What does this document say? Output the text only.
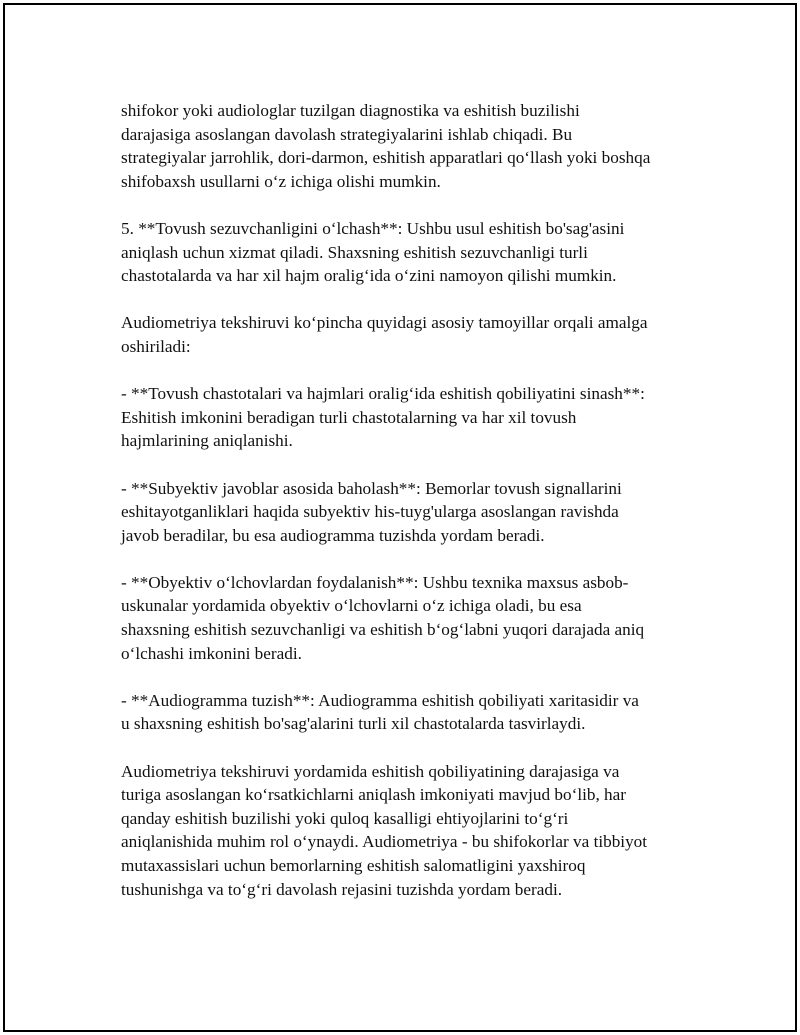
shifokor yoki audiologlar tuzilgan diagnostika va eshitish buzilishi
darajasiga asoslangan davolash strategiyalarini ishlab chiqadi. Bu
strategiyalar jarrohlik, dori-darmon, eshitish apparatlari qo‘llash yoki boshqa
shifobaxsh usullarni o‘z ichiga olishi mumkin.

5. **Tovush sezuvchanligini o‘lchash**: Ushbu usul eshitish bo'sag'asini
aniqlash uchun xizmat qiladi. Shaxsning eshitish sezuvchanligi turli
chastotalarda va har xil hajm oralig‘ida o‘zini namoyon qilishi mumkin.

Audiometriya tekshiruvi ko‘pincha quyidagi asosiy tamoyillar orqali amalga
oshiriladi:

- **Tovush chastotalari va hajmlari oralig‘ida eshitish qobiliyatini sinash**:
Eshitish imkonini beradigan turli chastotalarning va har xil tovush
hajmlarining aniqlanishi.

- **Subyektiv javoblar asosida baholash**: Bemorlar tovush signallarini
eshitayotganliklari haqida subyektiv his-tuyg'ularga asoslangan ravishda
javob beradilar, bu esa audiogramma tuzishda yordam beradi.

- **Obyektiv o‘lchovlardan foydalanish**: Ushbu texnika maxsus asbob-
uskunalar yordamida obyektiv o‘lchovlarni o‘z ichiga oladi, bu esa
shaxsning eshitish sezuvchanligi va eshitish b‘og‘labni yuqori darajada aniq
o‘lchashi imkonini beradi.

- **Audiogramma tuzish**: Audiogramma eshitish qobiliyati xaritasidir va
u shaxsning eshitish bo'sag'alarini turli xil chastotalarda tasvirlaydi.

Audiometriya tekshiruvi yordamida eshitish qobiliyatining darajasiga va
turiga asoslangan ko‘rsatkichlarni aniqlash imkoniyati mavjud bo‘lib, har
qanday eshitish buzilishi yoki quloq kasalligi ehtiyojlarini to‘g‘ri
aniqlanishida muhim rol o‘ynaydi. Audiometriya - bu shifokorlar va tibbiyot
mutaxassislari uchun bemorlarning eshitish salomatligini yaxshiroq
tushunishga va to‘g‘ri davolash rejasini tuzishda yordam beradi.
